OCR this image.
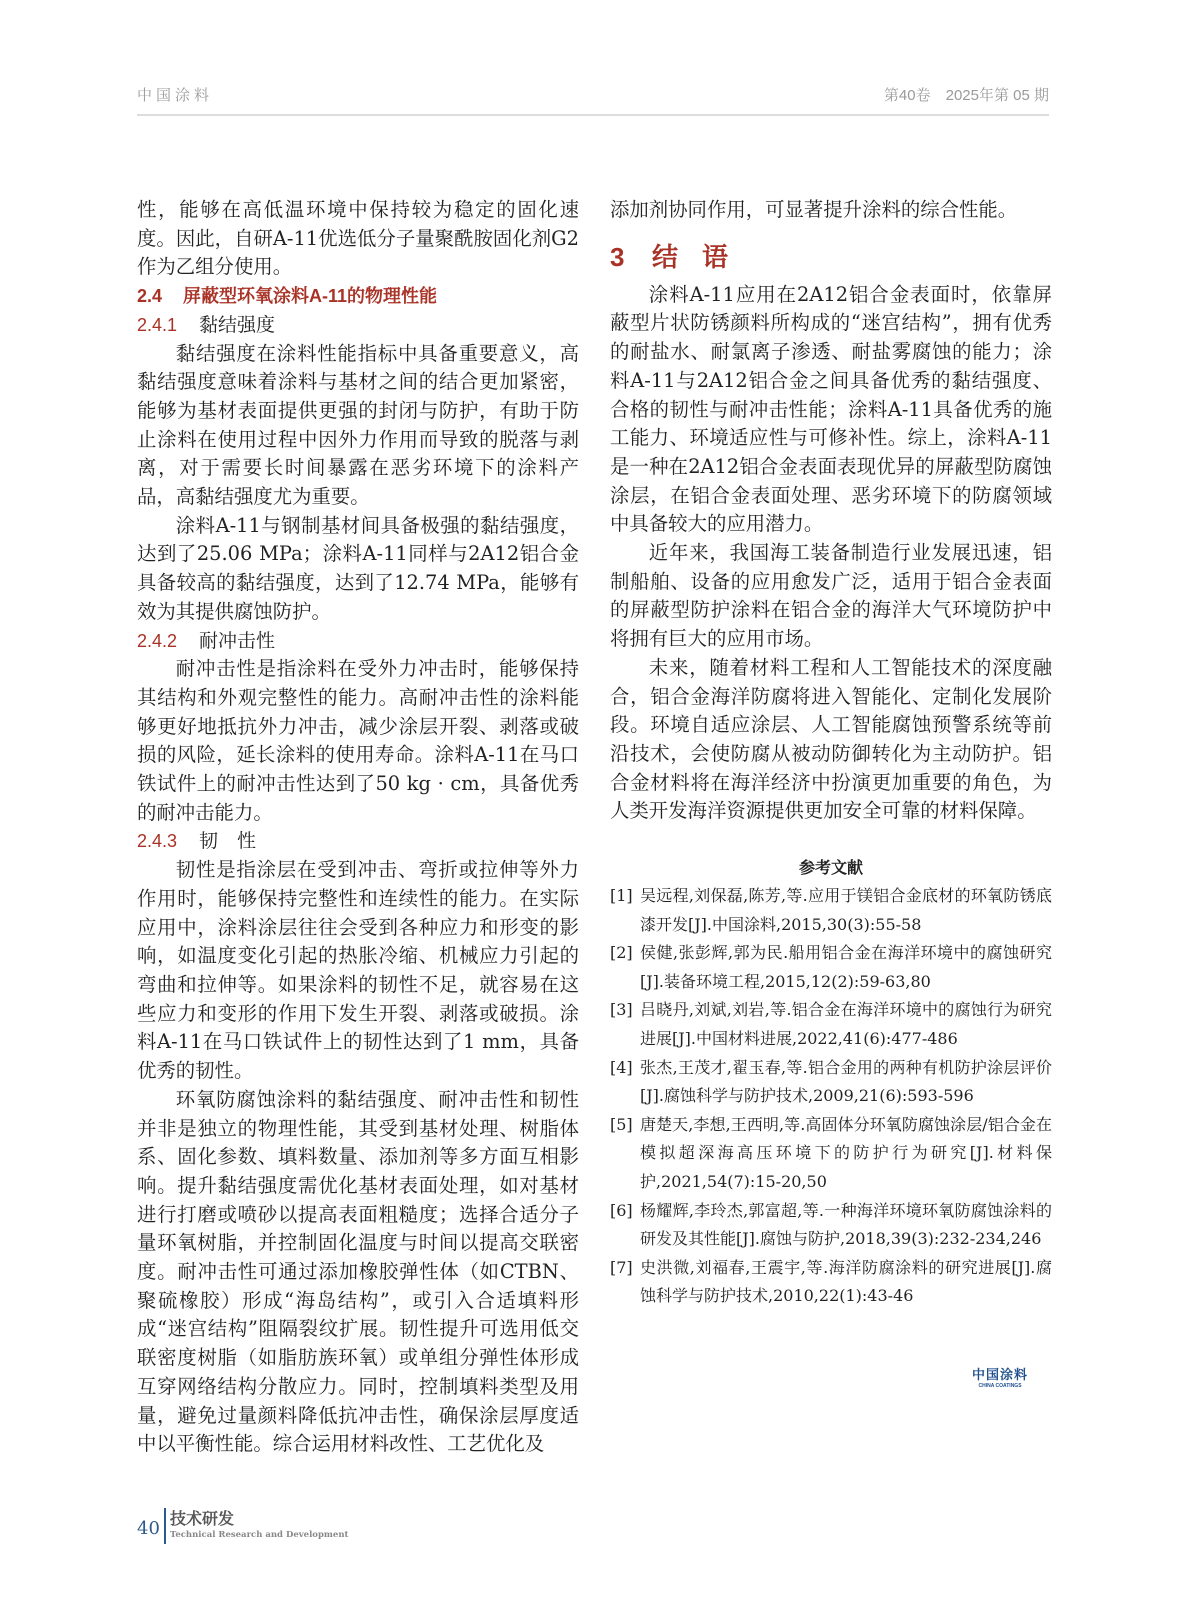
中国涂料	第40卷　2025年第 05 期

性，能够在高低温环境中保持较为稳定的固化速度。因此，自研A-11优选低分子量聚酰胺固化剂G2作为乙组分使用。

2.4 屏蔽型环氧涂料A-11的物理性能
2.4.1 黏结强度

黏结强度在涂料性能指标中具备重要意义，高黏结强度意味着涂料与基材之间的结合更加紧密，能够为基材表面提供更强的封闭与防护，有助于防止涂料在使用过程中因外力作用而导致的脱落与剥离，对于需要长时间暴露在恶劣环境下的涂料产品，高黏结强度尤为重要。

涂料A-11与钢制基材间具备极强的黏结强度，达到了25.06 MPa；涂料A-11同样与2A12铝合金具备较高的黏结强度，达到了12.74 MPa，能够有效为其提供腐蚀防护。

2.4.2 耐冲击性

耐冲击性是指涂料在受外力冲击时，能够保持其结构和外观完整性的能力。高耐冲击性的涂料能够更好地抵抗外力冲击，减少涂层开裂、剥落或破损的风险，延长涂料的使用寿命。涂料A-11在马口铁试件上的耐冲击性达到了50 kg · cm，具备优秀的耐冲击能力。

2.4.3 韧　性

韧性是指涂层在受到冲击、弯折或拉伸等外力作用时，能够保持完整性和连续性的能力。在实际应用中，涂料涂层往往会受到各种应力和形变的影响，如温度变化引起的热胀冷缩、机械应力引起的弯曲和拉伸等。如果涂料的韧性不足，就容易在这些应力和变形的作用下发生开裂、剥落或破损。涂料A-11在马口铁试件上的韧性达到了1 mm，具备优秀的韧性。

环氧防腐蚀涂料的黏结强度、耐冲击性和韧性并非是独立的物理性能，其受到基材处理、树脂体系、固化参数、填料数量、添加剂等多方面互相影响。提升黏结强度需优化基材表面处理，如对基材进行打磨或喷砂以提高表面粗糙度；选择合适分子量环氧树脂，并控制固化温度与时间以提高交联密度。耐冲击性可通过添加橡胶弹性体（如CTBN、聚硫橡胶）形成“海岛结构”，或引入合适填料形成“迷宫结构”阻隔裂纹扩展。韧性提升可选用低交联密度树脂（如脂肪族环氧）或单组分弹性体形成互穿网络结构分散应力。同时，控制填料类型及用量，避免过量颜料降低抗冲击性，确保涂层厚度适中以平衡性能。综合运用材料改性、工艺优化及

添加剂协同作用，可显著提升涂料的综合性能。

3 结语

涂料A-11应用在2A12铝合金表面时，依靠屏蔽型片状防锈颜料所构成的“迷宫结构”，拥有优秀的耐盐水、耐氯离子渗透、耐盐雾腐蚀的能力；涂料A-11与2A12铝合金之间具备优秀的黏结强度、合格的韧性与耐冲击性能；涂料A-11具备优秀的施工能力、环境适应性与可修补性。综上，涂料A-11是一种在2A12铝合金表面表现优异的屏蔽型防腐蚀涂层，在铝合金表面处理、恶劣环境下的防腐领域中具备较大的应用潜力。

近年来，我国海工装备制造行业发展迅速，铝制船舶、设备的应用愈发广泛，适用于铝合金表面的屏蔽型防护涂料在铝合金的海洋大气环境防护中将拥有巨大的应用市场。

未来，随着材料工程和人工智能技术的深度融合，铝合金海洋防腐将进入智能化、定制化发展阶段。环境自适应涂层、人工智能腐蚀预警系统等前沿技术，会使防腐从被动防御转化为主动防护。铝合金材料将在海洋经济中扮演更加重要的角色，为人类开发海洋资源提供更加安全可靠的材料保障。

参考文献
[1] 吴远程,刘保磊,陈芳,等.应用于镁铝合金底材的环氧防锈底漆开发[J].中国涂料,2015,30(3):55-58
[2] 侯健,张彭辉,郭为民.船用铝合金在海洋环境中的腐蚀研究[J].装备环境工程,2015,12(2):59-63,80
[3] 吕晓丹,刘斌,刘岩,等.铝合金在海洋环境中的腐蚀行为研究进展[J].中国材料进展,2022,41(6):477-486
[4] 张杰,王茂才,翟玉春,等.铝合金用的两种有机防护涂层评价[J].腐蚀科学与防护技术,2009,21(6):593-596
[5] 唐楚天,李想,王西明,等.高固体分环氧防腐蚀涂层/铝合金在模拟超深海高压环境下的防护行为研究[J].材料保护,2021,54(7):15-20,50
[6] 杨耀辉,李玲杰,郭富超,等.一种海洋环境环氧防腐蚀涂料的研发及其性能[J].腐蚀与防护,2018,39(3):232-234,246
[7] 史洪微,刘福春,王震宇,等.海洋防腐涂料的研究进展[J].腐蚀科学与防护技术,2010,22(1):43-46
中国涂料
CHINA COATINGS
40 技术研发
Technical Research and Development
